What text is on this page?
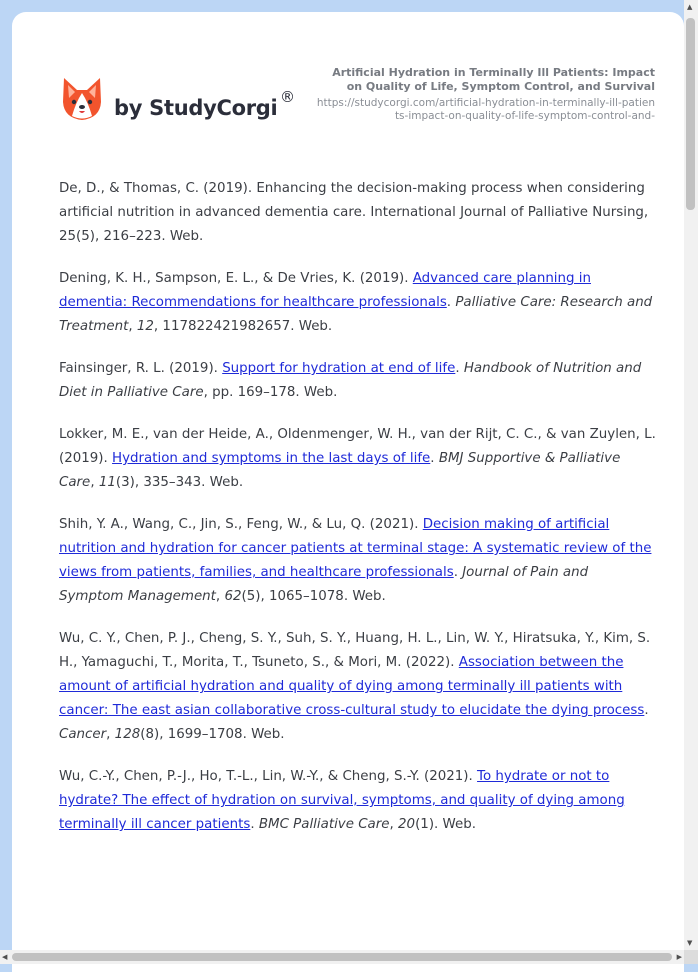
by StudyCorgi ®
Artificial Hydration in Terminally Ill Patients: Impact on Quality of Life, Symptom Control, and Survival
https://studycorgi.com/artificial-hydration-in-terminally-ill-patients-impact-on-quality-of-life-symptom-control-and-

De, D., & Thomas, C. (2019). Enhancing the decision-making process when considering artificial nutrition in advanced dementia care. International Journal of Palliative Nursing, 25(5), 216–223. Web.

Dening, K. H., Sampson, E. L., & De Vries, K. (2019). Advanced care planning in dementia: Recommendations for healthcare professionals. Palliative Care: Research and Treatment, 12, 117822421982657. Web.

Fainsinger, R. L. (2019). Support for hydration at end of life. Handbook of Nutrition and Diet in Palliative Care, pp. 169–178. Web.

Lokker, M. E., van der Heide, A., Oldenmenger, W. H., van der Rijt, C. C., & van Zuylen, L. (2019). Hydration and symptoms in the last days of life. BMJ Supportive & Palliative Care, 11(3), 335–343. Web.

Shih, Y. A., Wang, C., Jin, S., Feng, W., & Lu, Q. (2021). Decision making of artificial nutrition and hydration for cancer patients at terminal stage: A systematic review of the views from patients, families, and healthcare professionals. Journal of Pain and Symptom Management, 62(5), 1065–1078. Web.

Wu, C. Y., Chen, P. J., Cheng, S. Y., Suh, S. Y., Huang, H. L., Lin, W. Y., Hiratsuka, Y., Kim, S. H., Yamaguchi, T., Morita, T., Tsuneto, S., & Mori, M. (2022). Association between the amount of artificial hydration and quality of dying among terminally ill patients with cancer: The east asian collaborative cross-cultural study to elucidate the dying process. Cancer, 128(8), 1699–1708. Web.

Wu, C.-Y., Chen, P.-J., Ho, T.-L., Lin, W.-Y., & Cheng, S.-Y. (2021). To hydrate or not to hydrate? The effect of hydration on survival, symptoms, and quality of dying among terminally ill cancer patients. BMC Palliative Care, 20(1). Web.

▲
▼
◀	▶
